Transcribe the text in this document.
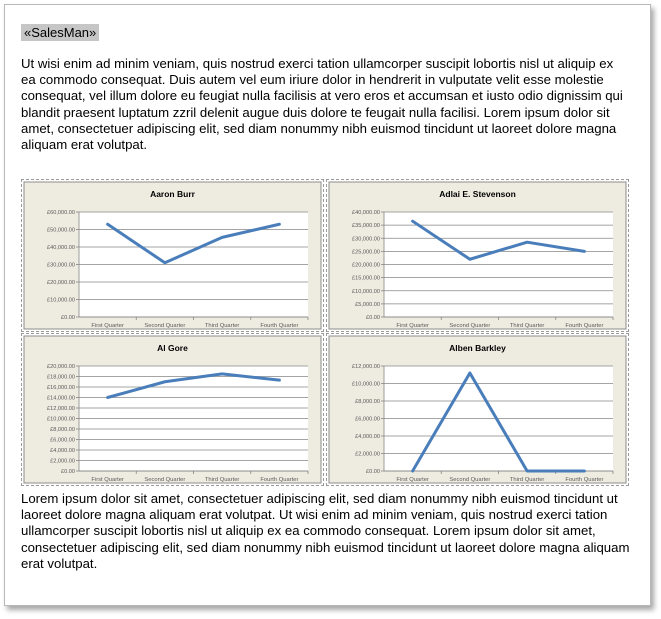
«SalesMan»
Ut wisi enim ad minim veniam, quis nostrud exerci tation ullamcorper suscipit lobortis nisl ut aliquip ex ea commodo consequat. Duis autem vel eum iriure dolor in hendrerit in vulputate velit esse molestie consequat, vel illum dolore eu feugiat nulla facilisis at vero eros et accumsan et iusto odio dignissim qui blandit praesent luptatum zzril delenit augue duis dolore te feugait nulla facilisi. Lorem ipsum dolor sit amet, consectetuer adipiscing elit, sed diam nonummy nibh euismod tincidunt ut laoreet dolore magna aliquam erat volutpat.
Aaron Burr
£0.00
£10,000.00
£20,000.00
£30,000.00
£40,000.00
£50,000.00
£60,000.00
First Quarter	Second Quarter	Third Quarter	Fourth Quarter
Adlai E. Stevenson
£0.00
£5,000.00
£10,000.00
£15,000.00
£20,000.00
£25,000.00
£30,000.00
£35,000.00
£40,000.00
First Quarter	Second Quarter	Third Quarter	Fourth Quarter
Al Gore
£0.00
£2,000.00
£4,000.00
£6,000.00
£8,000.00
£10,000.00
£12,000.00
£14,000.00
£16,000.00
£18,000.00
£20,000.00
First Quarter	Second Quarter	Third Quarter	Fourth Quarter
Alben Barkley
£0.00
£2,000.00
£4,000.00
£6,000.00
£8,000.00
£10,000.00
£12,000.00
First Quarter	Second Quarter	Third Quarter	Fourth Quarter
Lorem ipsum dolor sit amet, consectetuer adipiscing elit, sed diam nonummy nibh euismod tincidunt ut laoreet dolore magna aliquam erat volutpat. Ut wisi enim ad minim veniam, quis nostrud exerci tation ullamcorper suscipit lobortis nisl ut aliquip ex ea commodo consequat. Lorem ipsum dolor sit amet, consectetuer adipiscing elit, sed diam nonummy nibh euismod tincidunt ut laoreet dolore magna aliquam erat volutpat.
